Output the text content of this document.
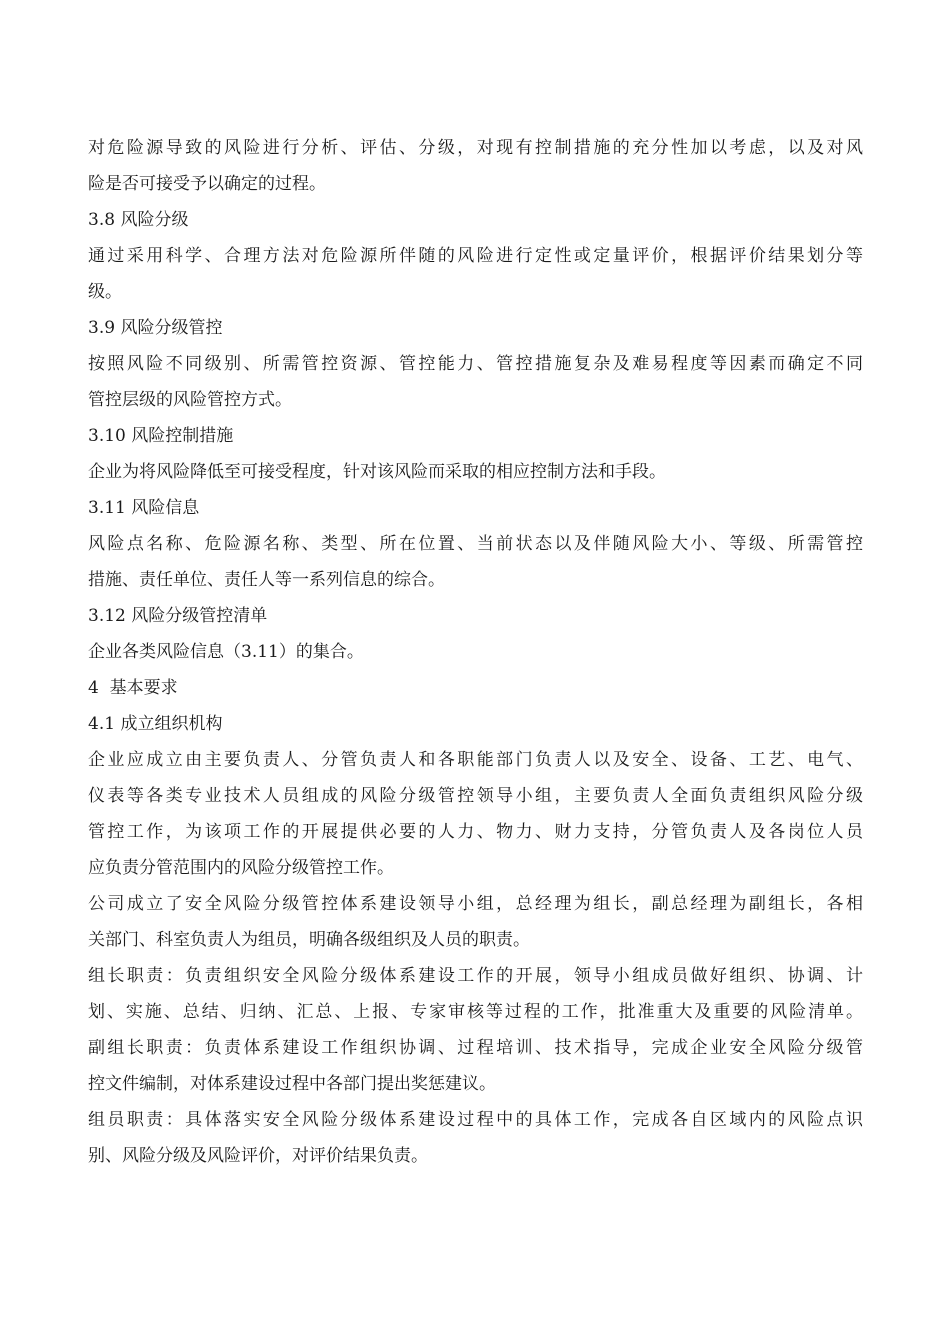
对危险源导致的风险进行分析、评估、分级，对现有控制措施的充分性加以考虑，以及对风
险是否可接受予以确定的过程。
3.8 风险分级
通过采用科学、合理方法对危险源所伴随的风险进行定性或定量评价，根据评价结果划分等
级。
3.9 风险分级管控
按照风险不同级别、所需管控资源、管控能力、管控措施复杂及难易程度等因素而确定不同
管控层级的风险管控方式。
3.10 风险控制措施
企业为将风险降低至可接受程度，针对该风险而采取的相应控制方法和手段。
3.11 风险信息
风险点名称、危险源名称、类型、所在位置、当前状态以及伴随风险大小、等级、所需管控
措施、责任单位、责任人等一系列信息的综合。
3.12 风险分级管控清单
企业各类风险信息（3.11）的集合。
4  基本要求
4.1 成立组织机构
企业应成立由主要负责人、分管负责人和各职能部门负责人以及安全、设备、工艺、电气、
仪表等各类专业技术人员组成的风险分级管控领导小组，主要负责人全面负责组织风险分级
管控工作，为该项工作的开展提供必要的人力、物力、财力支持，分管负责人及各岗位人员
应负责分管范围内的风险分级管控工作。
公司成立了安全风险分级管控体系建设领导小组，总经理为组长，副总经理为副组长，各相
关部门、科室负责人为组员，明确各级组织及人员的职责。
组长职责：负责组织安全风险分级体系建设工作的开展，领导小组成员做好组织、协调、计
划、实施、总结、归纳、汇总、上报、专家审核等过程的工作，批准重大及重要的风险清单。
副组长职责：负责体系建设工作组织协调、过程培训、技术指导，完成企业安全风险分级管
控文件编制，对体系建设过程中各部门提出奖惩建议。
组员职责：具体落实安全风险分级体系建设过程中的具体工作，完成各自区域内的风险点识
别、风险分级及风险评价，对评价结果负责。
